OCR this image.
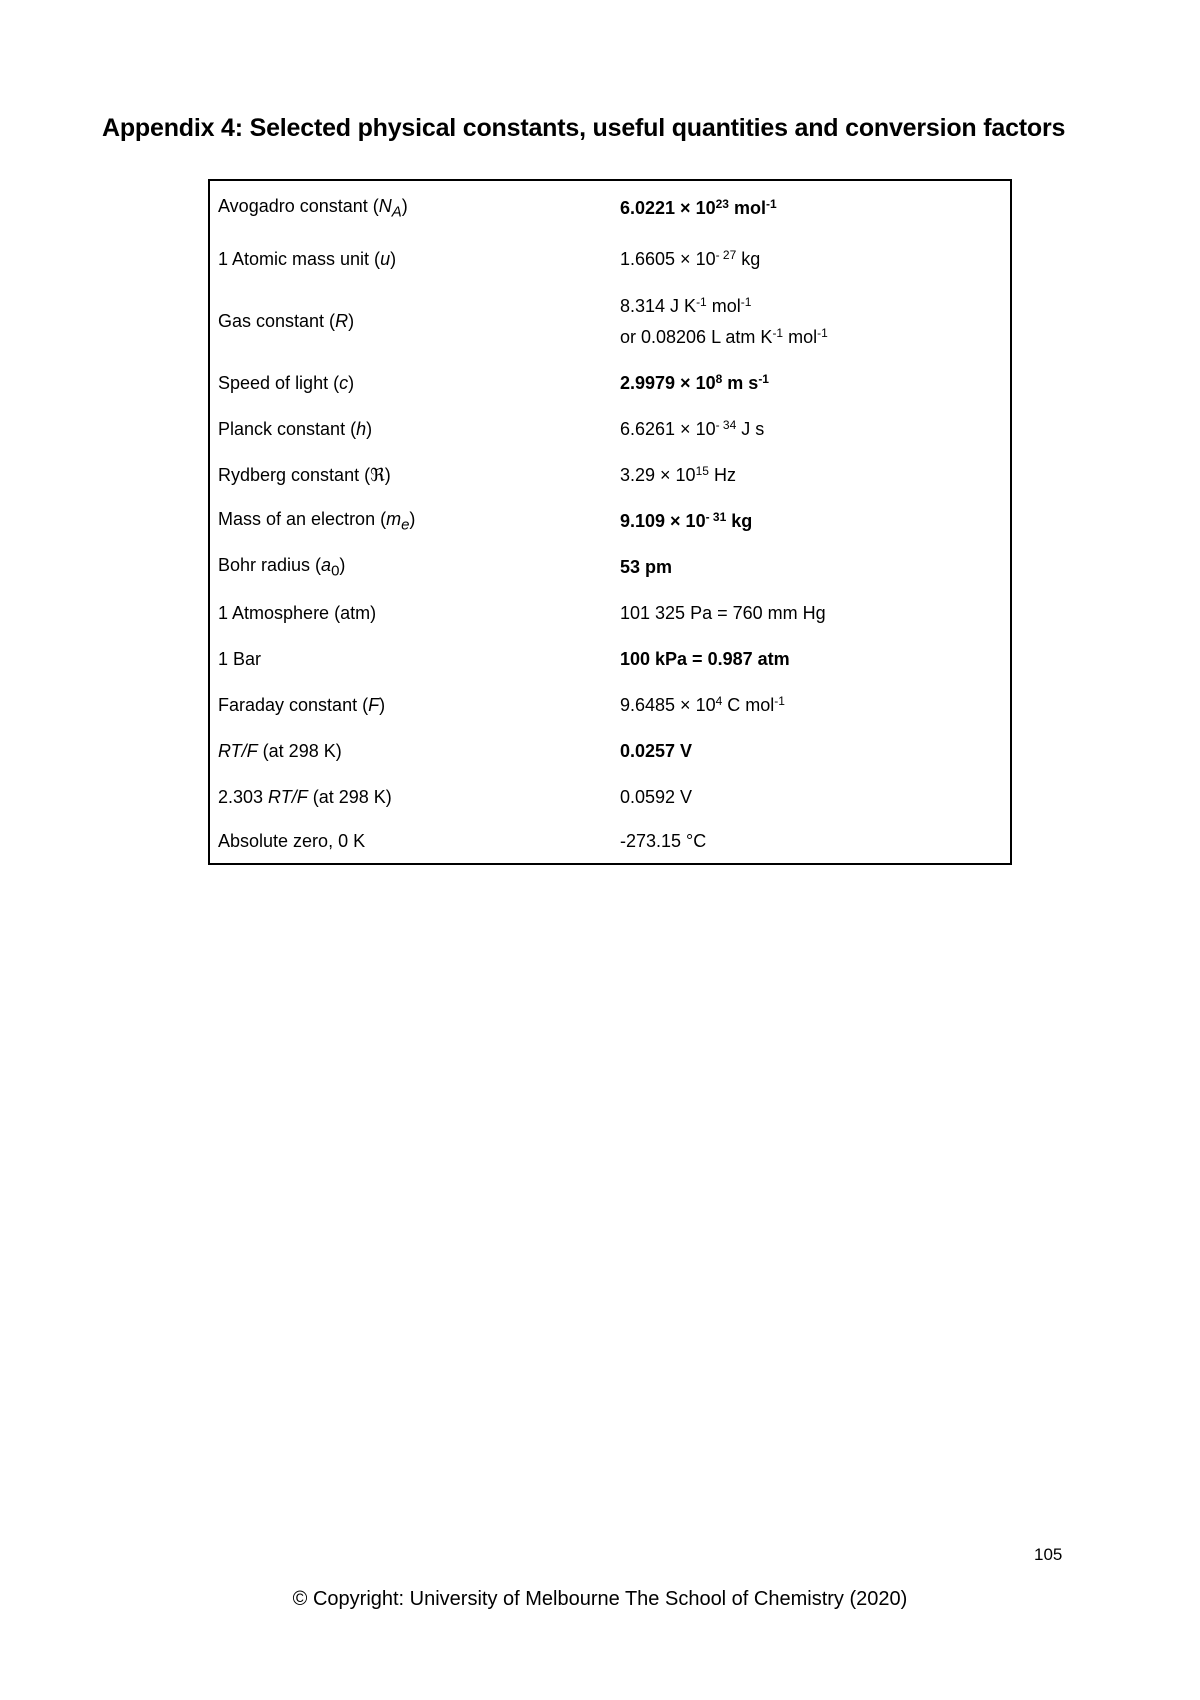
Appendix 4: Selected physical constants, useful quantities and conversion factors
Avogadro constant $(N_A)$	$6.0221 \times 10^{23}$ mol$^{-1}$
1 Atomic mass unit (u)	$1.6605 \times 10^{- 27}$ kg
Gas constant (R)	8.314 J $K^{-1}$ mol$^{-1}$
or 0.08206 L atm $K^{-1}$ mol$^{-1}$

Speed of light (c)	$2.9979 \times 10^8$ m $s^{-1}$
Planck constant (h)	$6.6261 \times 10^{- 34}$ J s
Rydberg constant (ℜ)	$3.29 \times 10^{15}$ Hz
Mass of an electron $(m_e)$	$9.109 \times 10^{- 31}$ kg
Bohr radius $(a_0)$	53 pm
1 Atmosphere (atm)	101 325 Pa = 760 mm Hg
1 Bar	100 kPa = 0.987 atm
Faraday constant (F)	$9.6485 \times 10^4$ C mol$^{-1}$
RT/F (at 298 K)	0.0257 V
2.303 RT/F (at 298 K)	0.0592 V
Absolute zero, 0 K	-273.15 °C
105
© Copyright: University of Melbourne The School of Chemistry (2020)
